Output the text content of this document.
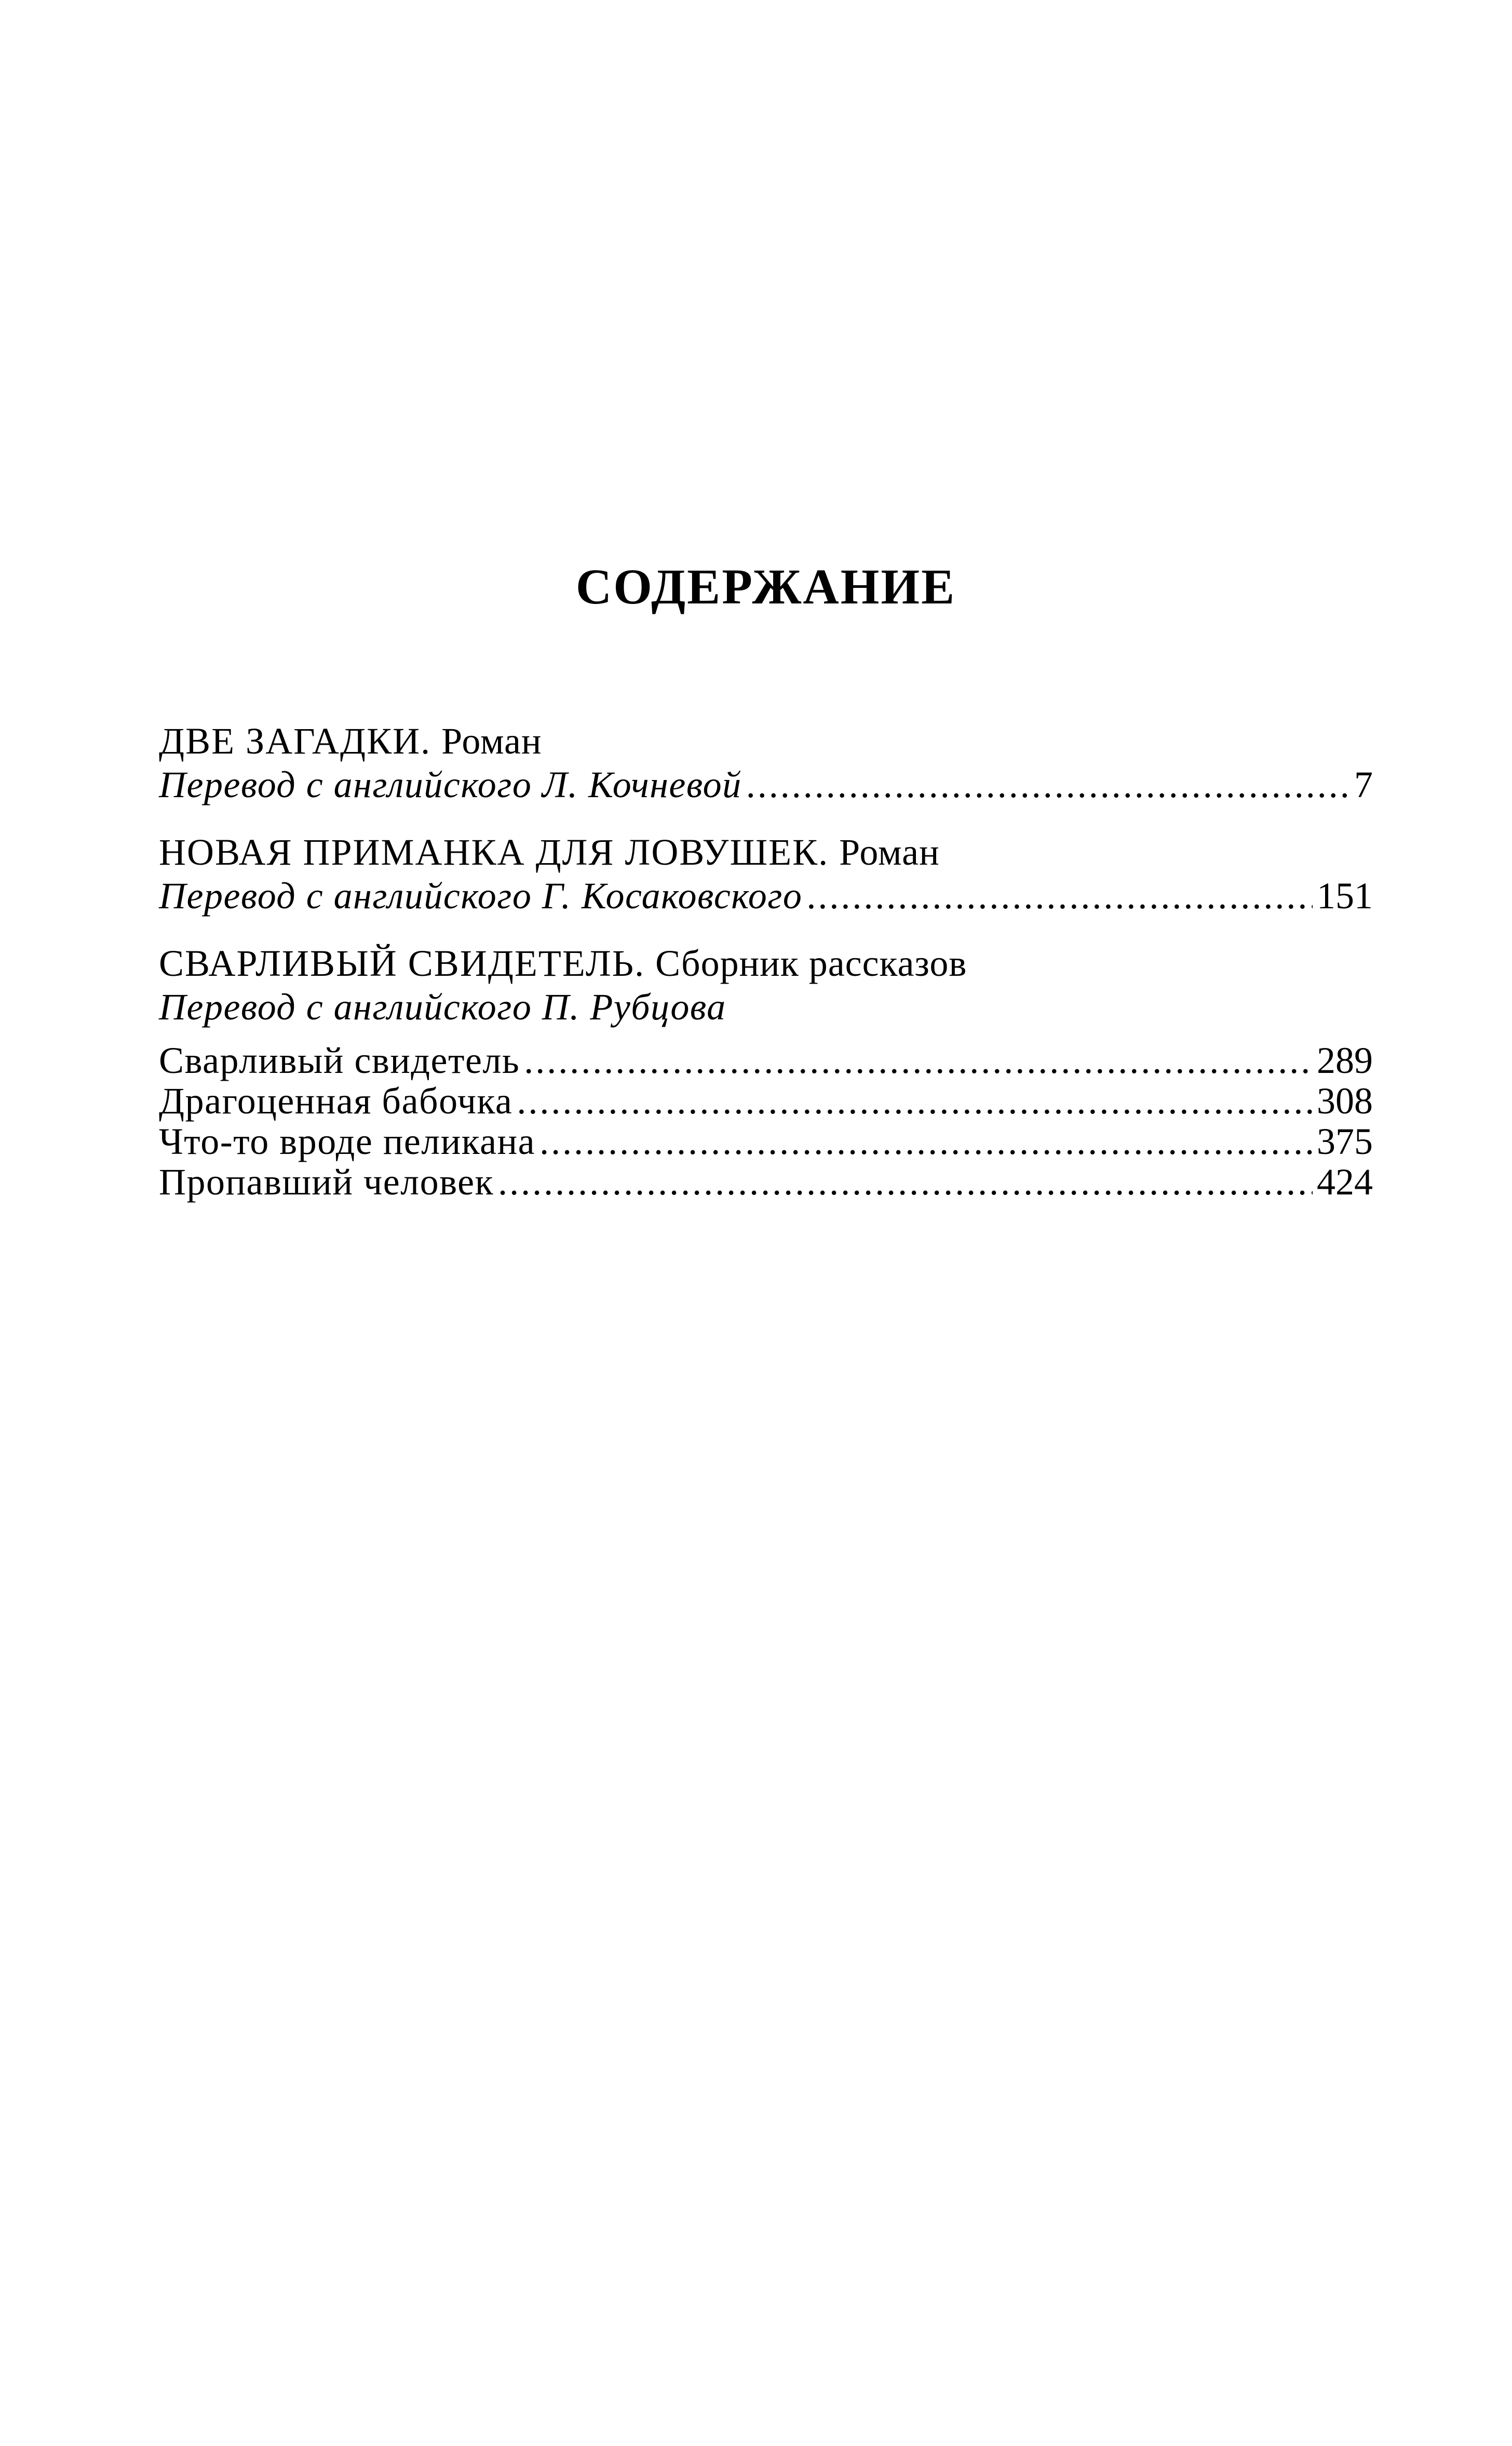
СОДЕРЖАНИЕ
ДВЕ ЗАГАДКИ. Роман
Перевод с английского Л. Кочневой .....	7
НОВАЯ ПРИМАНКА ДЛЯ ЛОВУШЕК. Роман
Перевод с английского Г. Косаковского .....	151
СВАРЛИВЫЙ СВИДЕТЕЛЬ. Сборник рассказов
Перевод с английского П. Рубцова
Сварливый свидетель .....	289
Драгоценная бабочка .....	308
Что-то вроде пеликана .....	375
Пропавший человек .....	424
